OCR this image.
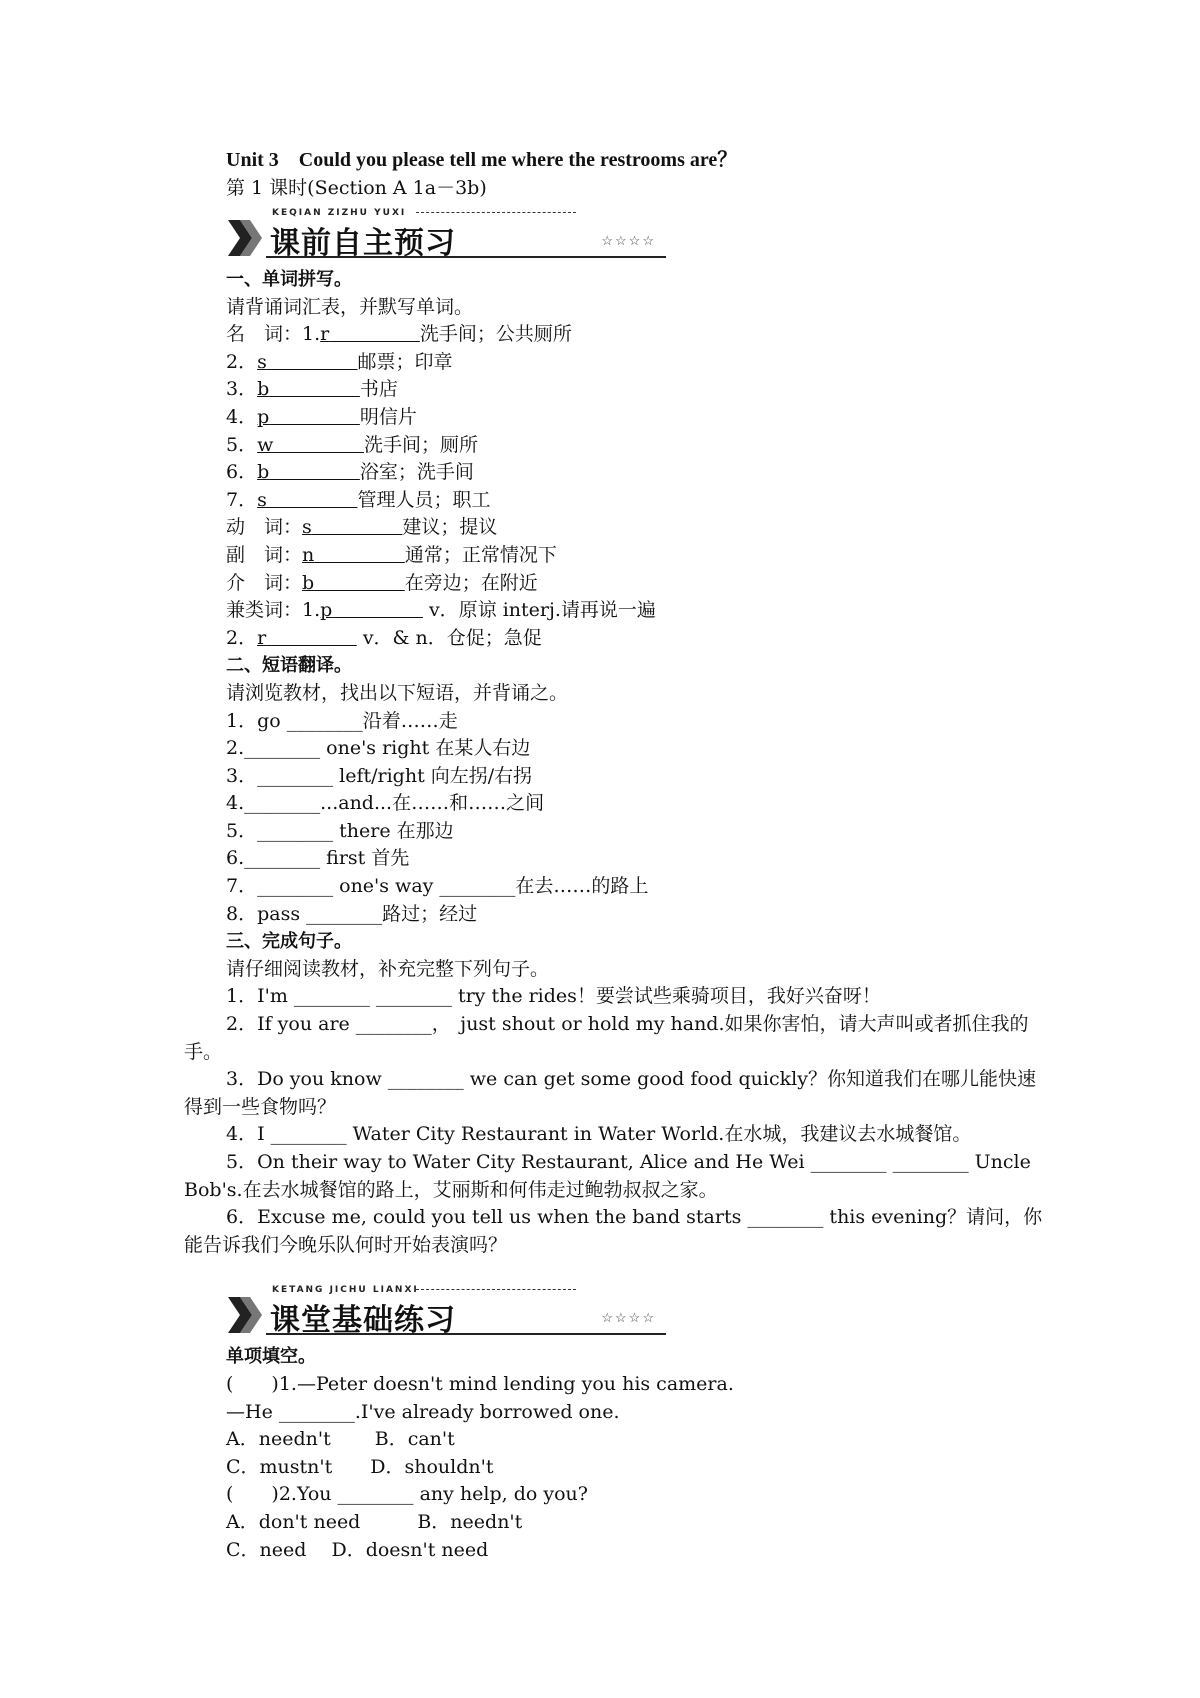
Unit 3　Could you please tell me where the restrooms are？
第 1 课时(Section A 1a－3b)
KEQIAN ZIZHU YUXI
课前自主预习	☆☆☆☆
一、单词拼写。
请背诵词汇表，并默写单词。
名　词：1.r	洗手间；公共厕所
2．s	邮票；印章
3．b	书店
4．p	明信片
5．w	洗手间；厕所
6．b	浴室；洗手间
7．s	管理人员；职工
动　词：s	建议；提议
副　词：n	通常；正常情况下
介　词：b	在旁边；在附近
兼类词：1.p	v．原谅 interj.请再说一遍
2．r	v．& n．仓促；急促
二、短语翻译。
请浏览教材，找出以下短语，并背诵之。
1．go ________沿着……走
2.________ one's right 在某人右边
3．________ left/right 向左拐/右拐
4.________...and...在……和……之间
5．________ there 在那边
6.________ first 首先
7．________ one's way ________在去……的路上
8．pass ________路过；经过
三、完成句子。
请仔细阅读教材，补充完整下列句子。
1．I'm ________ ________ try the rides！要尝试些乘骑项目，我好兴奋呀！
2．If you are ________，　just shout or hold my hand.如果你害怕，请大声叫或者抓住我的手。
3．Do you know ________ we can get some good food quickly？你知道我们在哪儿能快速得到一些食物吗？
4．I ________ Water City Restaurant in Water World.在水城，我建议去水城餐馆。
5．On their way to Water City Restaurant, Alice and He Wei ________ ________ Uncle Bob's.在去水城餐馆的路上，艾丽斯和何伟走过鲍勃叔叔之家。
6．Excuse me, could you tell us when the band starts ________ this evening？请问，你能告诉我们今晚乐队何时开始表演吗？
KETANG JICHU LIANXI
课堂基础练习	☆☆☆☆
单项填空。
(　　)1.—Peter doesn't mind lending you his camera.
—He ________.I've already borrowed one.
A．needn't　　 B．can't
C．mustn't　　D．shouldn't
(　　)2.You ________ any help, do you?
A．don't need　　　B．needn't
C．need　 D．doesn't need
